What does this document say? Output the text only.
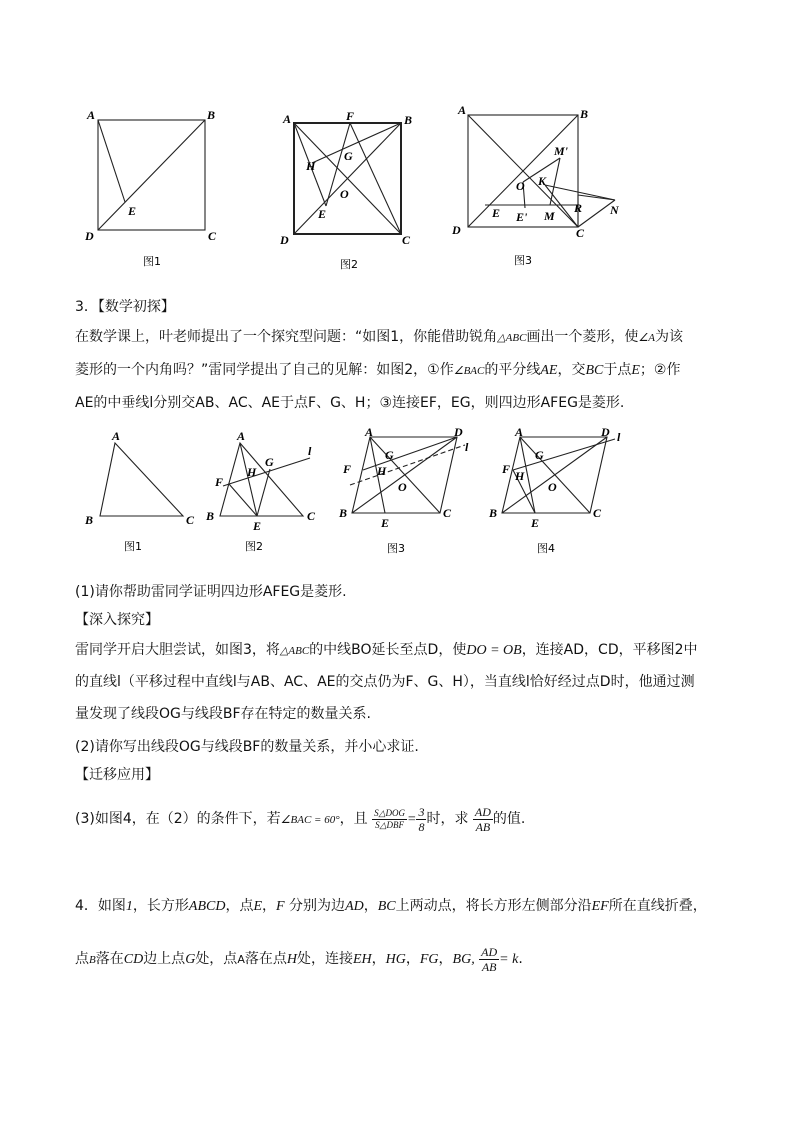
A	B
E
D	C
图1
A	F	B
H
G
O
E
D	C
图2
A	B
M'
O K
E E' M
R N
D	C
图3
3．【数学初探】
在数学课上，叶老师提出了一个探究型问题：“如图1，你能借助锐角△ABC画出一个菱形，使∠A为该
菱形的一个内角吗？”雷同学提出了自己的见解：如图2，①作∠BAC的平分线AE，交BC于点E；②作
AE的中垂线l分别交AB、AC、AE于点F、G、H；③连接EF，EG，则四边形AFEG是菱形.
A
B	C
图1
A
l
F
H
G
B
E
C
图2
A	D
l
F
G
H
O
B
E
C
图3
A	D l
F
G
H
O
B
E
C
图4
(1)请你帮助雷同学证明四边形AFEG是菱形.
【深入探究】
雷同学开启大胆尝试，如图3，将△ABC的中线BO延长至点D，使DO = OB，连接AD，CD，平移图2中
的直线l（平移过程中直线l与AB、AC、AE的交点仍为F、G、H），当直线l恰好经过点D时，他通过测
量发现了线段OG与线段BF存在特定的数量关系.
(2)请你写出线段OG与线段BF的数量关系，并小心求证.
【迁移应用】
(3)如图4，在（2）的条件下，若∠BAC = 60°，且 $\frac{\text{S△DOG}}{\text{S△DBF}} = \frac{3}{8}$ 时，求 $\frac{AD}{AB}$ 的值.
4．如图1，长方形ABCD，点E，F 分别为边AD，BC上两动点，将长方形左侧部分沿EF所在直线折叠，
点B落在CD边上点G处，点A落在点H处，连接EH，HG，FG，BG, $\frac{AD}{AB} = k$.
